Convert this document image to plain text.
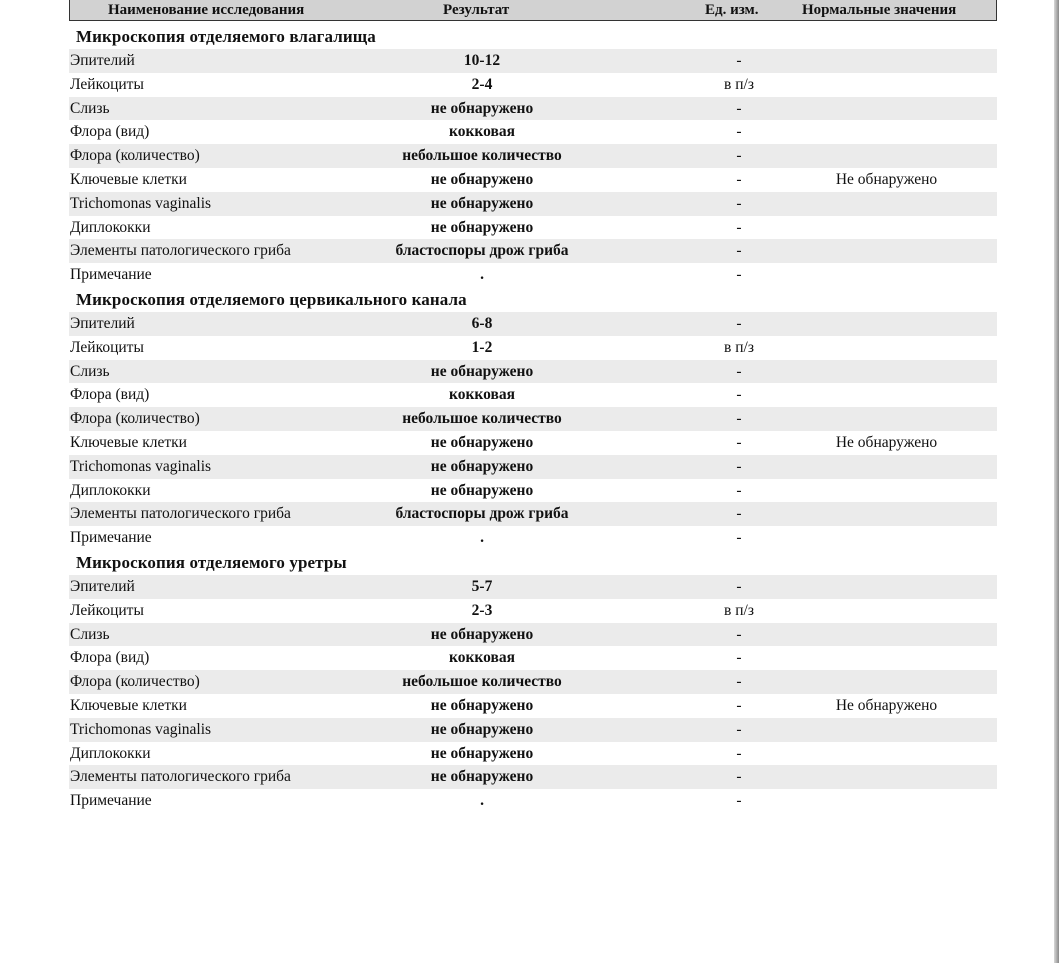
Наименование исследования	Результат	Ед. изм.	Нормальные значения
Микроскопия отделяемого влагалища
Эпителий	10-12	-
Лейкоциты	2-4	в п/з
Слизь	не обнаружено	-
Флора (вид)	кокковая	-
Флора (количество)	небольшое количество	-
Ключевые клетки	не обнаружено	-	Не обнаружено
Trichomonas vaginalis	не обнаружено	-
Диплококки	не обнаружено	-
Элементы патологического гриба	бластоспоры дрож гриба	-
Примечание	.	-
Микроскопия отделяемого цервикального канала
Эпителий	6-8	-
Лейкоциты	1-2	в п/з
Слизь	не обнаружено	-
Флора (вид)	кокковая	-
Флора (количество)	небольшое количество	-
Ключевые клетки	не обнаружено	-	Не обнаружено
Trichomonas vaginalis	не обнаружено	-
Диплококки	не обнаружено	-
Элементы патологического гриба	бластоспоры дрож гриба	-
Примечание	.	-
Микроскопия отделяемого уретры
Эпителий	5-7	-
Лейкоциты	2-3	в п/з
Слизь	не обнаружено	-
Флора (вид)	кокковая	-
Флора (количество)	небольшое количество	-
Ключевые клетки	не обнаружено	-	Не обнаружено
Trichomonas vaginalis	не обнаружено	-
Диплококки	не обнаружено	-
Элементы патологического гриба	не обнаружено	-
Примечание	.	-
